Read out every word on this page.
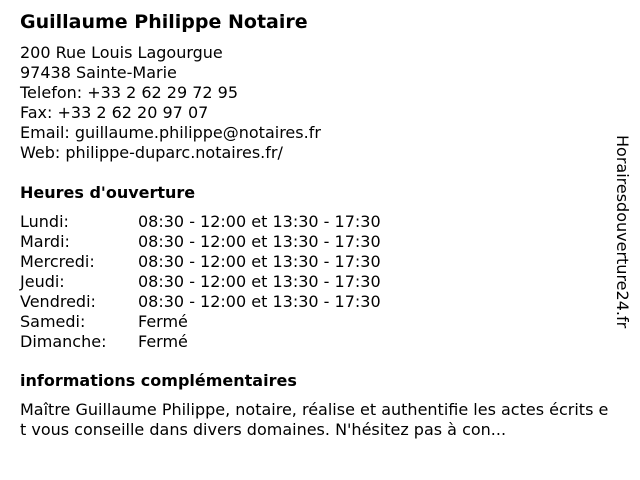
Guillaume Philippe Notaire
200 Rue Louis Lagourgue
97438 Sainte-Marie
Telefon: +33 2 62 29 72 95
Fax: +33 2 62 20 97 07
Email: guillaume.philippe@notaires.fr
Web: philippe-duparc.notaires.fr/
Heures d'ouverture
Lundi:	08:30 - 12:00 et 13:30 - 17:30
Mardi:	08:30 - 12:00 et 13:30 - 17:30
Mercredi:	08:30 - 12:00 et 13:30 - 17:30
Jeudi:	08:30 - 12:00 et 13:30 - 17:30
Vendredi:	08:30 - 12:00 et 13:30 - 17:30
Samedi:	Fermé
Dimanche:	Fermé
informations complémentaires
Maître Guillaume Philippe, notaire, réalise et authentifie les actes écrits et vous conseille dans divers domaines. N'hésitez pas à con...
Horairesdouverture24.fr
